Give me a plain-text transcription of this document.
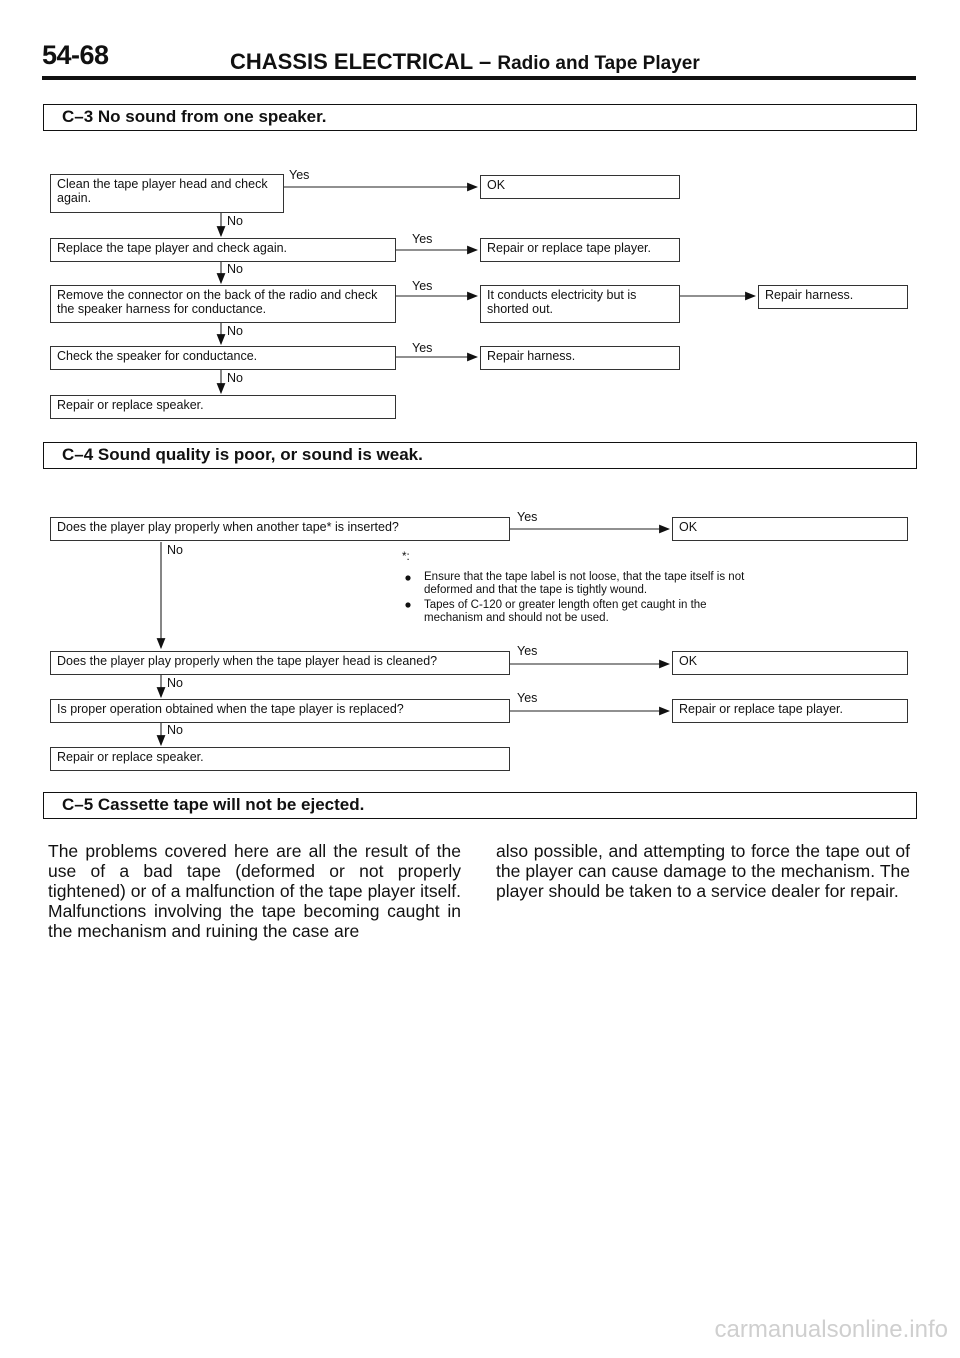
54-68	CHASSIS ELECTRICAL – Radio and Tape Player
C–3 No sound from one speaker.
Clean the tape player head and check again.
Replace the tape player and check again.
Remove the connector on the back of the radio and check the speaker harness for conductance.
Check the speaker for conductance.
Repair or replace speaker.
OK
Repair or replace tape player.
It conducts electricity but is shorted out.
Repair harness.
Repair harness.
Yes
Yes
Yes
Yes
No
No
No
No
C–4 Sound quality is poor, or sound is weak.
Does the player play properly when another tape* is inserted?
Does the player play properly when the tape player head is cleaned?
Is proper operation obtained when the tape player is replaced?
Repair or replace speaker.
OK
OK
Repair or replace tape player.
Yes
Yes
Yes
No
No
No
*:
Ensure that the tape label is not loose, that the tape itself is not deformed and that the tape is tightly wound.
Tapes of C-120 or greater length often get caught in the mechanism and should not be used.
C–5 Cassette tape will not be ejected.
The problems covered here are all the result of the use of a bad tape (deformed or not properly tightened) or of a malfunction of the tape player itself. Malfunctions involving the tape becoming caught in the mechanism and ruining the case are
also possible, and attempting to force the tape out of the player can cause damage to the mechanism. The player should be taken to a service dealer for repair.
carmanualsonline.info
